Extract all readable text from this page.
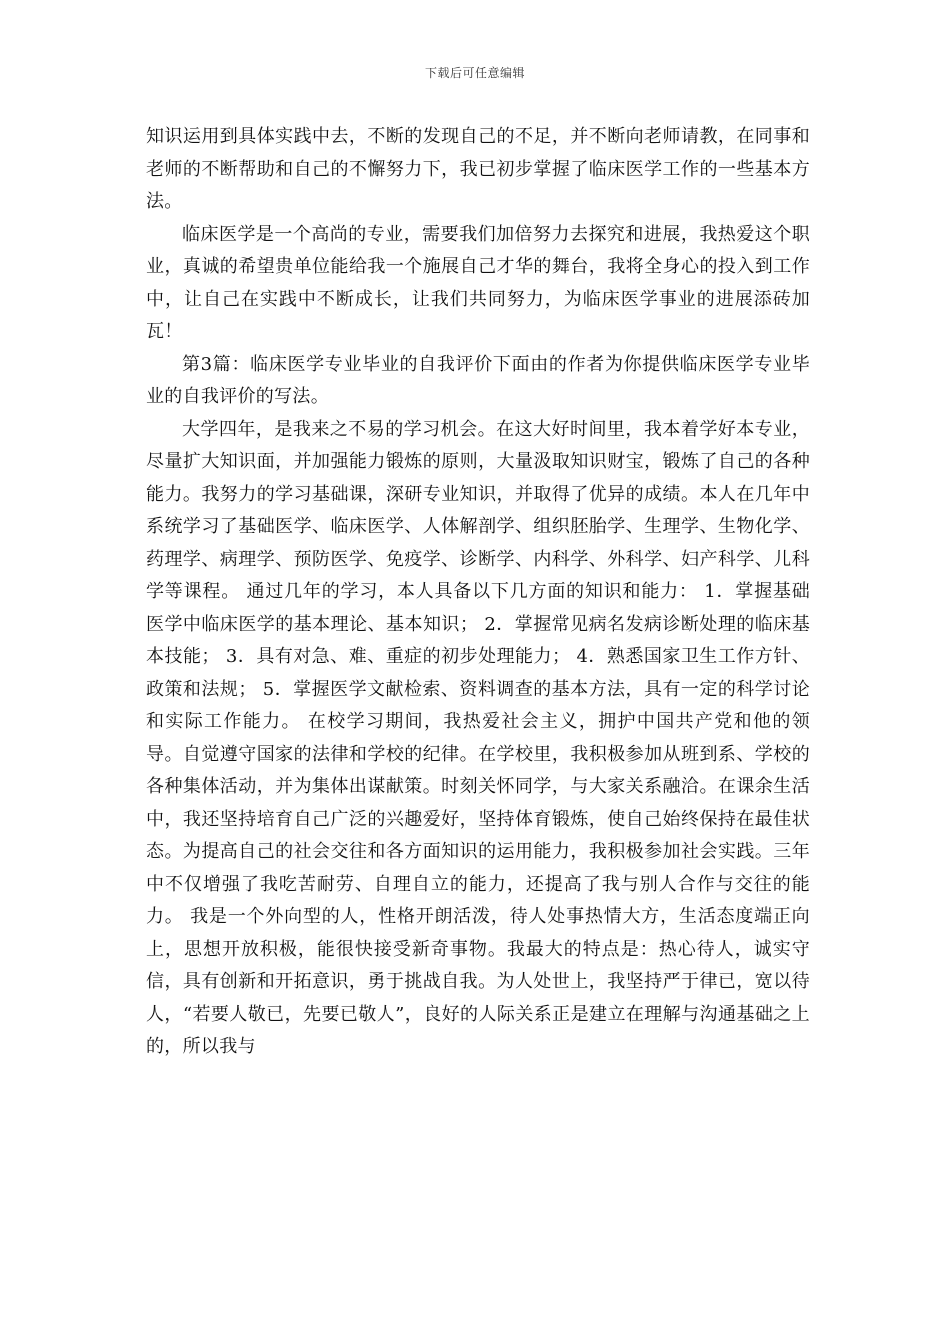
下载后可任意编辑

知识运用到具体实践中去，不断的发现自己的不足，并不断向老师请教，在同事和老师的不断帮助和自己的不懈努力下，我已初步掌握了临床医学工作的一些基本方法。

临床医学是一个高尚的专业，需要我们加倍努力去探究和进展，我热爱这个职业，真诚的希望贵单位能给我一个施展自己才华的舞台，我将全身心的投入到工作中，让自己在实践中不断成长，让我们共同努力，为临床医学事业的进展添砖加瓦！

第3篇：临床医学专业毕业的自我评价下面由的作者为你提供临床医学专业毕业的自我评价的写法。

大学四年，是我来之不易的学习机会。在这大好时间里，我本着学好本专业，尽量扩大知识面，并加强能力锻炼的原则，大量汲取知识财宝，锻炼了自己的各种能力。我努力的学习基础课，深研专业知识，并取得了优异的成绩。本人在几年中系统学习了基础医学、临床医学、人体解剖学、组织胚胎学、生理学、生物化学、药理学、病理学、预防医学、免疫学、诊断学、内科学、外科学、妇产科学、儿科学等课程。 通过几年的学习，本人具备以下几方面的知识和能力： 1．掌握基础医学中临床医学的基本理论、基本知识； 2．掌握常见病名发病诊断处理的临床基本技能； 3．具有对急、难、重症的初步处理能力； 4．熟悉国家卫生工作方针、政策和法规； 5．掌握医学文献检索、资料调查的基本方法，具有一定的科学讨论和实际工作能力。 在校学习期间，我热爱社会主义，拥护中国共产党和他的领导。自觉遵守国家的法律和学校的纪律。在学校里，我积极参加从班到系、学校的各种集体活动，并为集体出谋献策。时刻关怀同学，与大家关系融洽。在课余生活中，我还坚持培育自己广泛的兴趣爱好，坚持体育锻炼，使自己始终保持在最佳状态。为提高自己的社会交往和各方面知识的运用能力，我积极参加社会实践。三年中不仅增强了我吃苦耐劳、自理自立的能力，还提高了我与别人合作与交往的能力。 我是一个外向型的人，性格开朗活泼，待人处事热情大方，生活态度端正向上，思想开放积极，能很快接受新奇事物。我最大的特点是：热心待人，诚实守信，具有创新和开拓意识，勇于挑战自我。为人处世上，我坚持严于律已，宽以待人，“若要人敬已，先要已敬人”，良好的人际关系正是建立在理解与沟通基础之上的，所以我与
